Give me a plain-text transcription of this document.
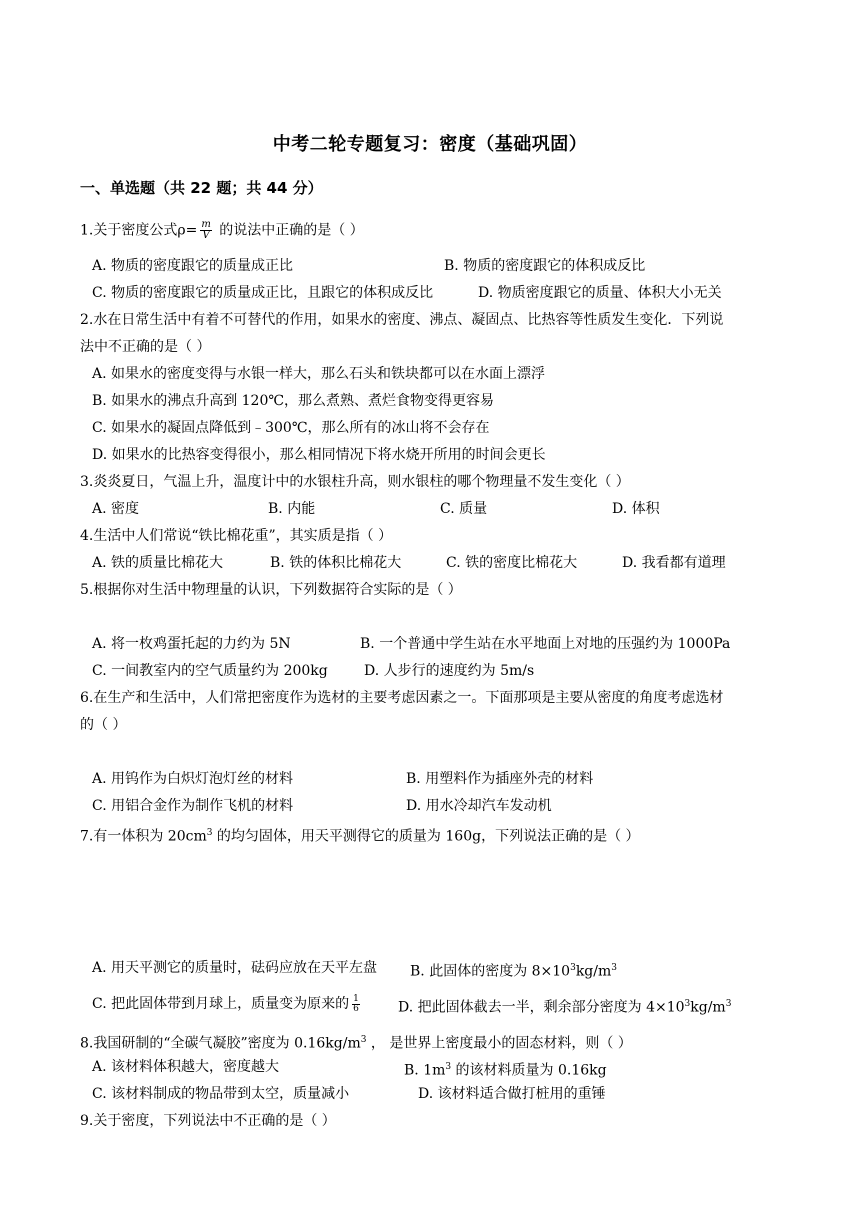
中考二轮专题复习：密度（基础巩固）
一、单选题（共 22 题；共 44 分）
1.关于密度公式$\rho= \frac{m}{V}$ 的说法中正确的是（ ）
A. 物质的密度跟它的质量成正比	B. 物质的密度跟它的体积成反比
C. 物质的密度跟它的质量成正比，且跟它的体积成反比	D. 物质密度跟它的质量、体积大小无关
2.水在日常生活中有着不可替代的作用，如果水的密度、沸点、凝固点、比热容等性质发生变化．下列说
法中不正确的是（ ）
A. 如果水的密度变得与水银一样大，那么石头和铁块都可以在水面上漂浮
B. 如果水的沸点升高到 120℃，那么煮熟、煮烂食物变得更容易
C. 如果水的凝固点降低到﹣300℃，那么所有的冰山将不会存在
D. 如果水的比热容变得很小，那么相同情况下将水烧开所用的时间会更长
3.炎炎夏日，气温上升，温度计中的水银柱升高，则水银柱的哪个物理量不发生变化（ ）
A. 密度	B. 内能	C. 质量	D. 体积
4.生活中人们常说“铁比棉花重”，其实质是指（ ）
A. 铁的质量比棉花大	B. 铁的体积比棉花大	C. 铁的密度比棉花大	D. 我看都有道理
5.根据你对生活中物理量的认识，下列数据符合实际的是（ ）
A. 将一枚鸡蛋托起的力约为 5N	B. 一个普通中学生站在水平地面上对地的压强约为 1000Pa
C. 一间教室内的空气质量约为 200kg	D. 人步行的速度约为 5m/s
6.在生产和生活中，人们常把密度作为选材的主要考虑因素之一。下面那项是主要从密度的角度考虑选材
的（ ）
A. 用钨作为白炽灯泡灯丝的材料	B. 用塑料作为插座外壳的材料
C. 用铝合金作为制作飞机的材料	D. 用水冷却汽车发动机
7.有一体积为 $20cm^3$ 的均匀固体，用天平测得它的质量为 160g，下列说法正确的是（ ）
A. 用天平测它的质量时，砝码应放在天平左盘 B. 此固体的密度为 $8\times 10^3kg/m^3$
C. 把此固体带到月球上，质量变为原来的 $\frac{1}{6}$	D. 把此固体截去一半，剩余部分密度为 $4\times 10^3kg/m^3$
8.我国研制的“全碳气凝胶”密度为 $0.16kg/m^3$ ， 是世界上密度最小的固态材料，则（ ）
A. 该材料体积越大，密度越大	B. $1m^3$ 的该材料质量为 0.16kg
C. 该材料制成的物品带到太空，质量减小	D. 该材料适合做打桩用的重锤
9.关于密度，下列说法中不正确的是（ ）
